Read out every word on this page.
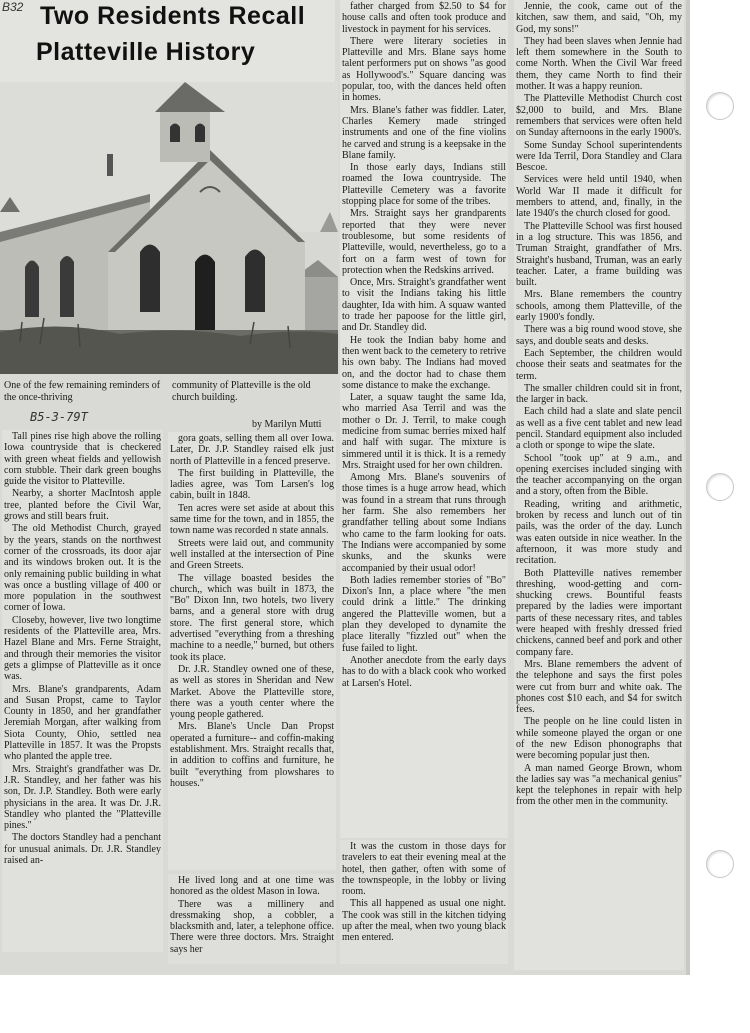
B32 Two Residents Recall
Platteville History
One of the few remaining reminders of the once-thriving
community of Platteville is the old church building.
B5-3-79T
by Marilyn Mutti

Tall pines rise high above the rolling Iowa countryside that is checkered with green wheat fields and yellowish corn stubble. Their dark green boughs guide the visitor to Platteville.

Nearby, a shorter MacIntosh apple tree, planted before the Civil War, grows and still bears fruit.

The old Methodist Church, grayed by the years, stands on the northwest corner of the crossroads, its door ajar and its windows broken out. It is the only remaining public building in what was once a bustling village of 400 or more population in the southwest corner of Iowa.

Closeby, however, live two longtime residents of the Platteville area, Mrs. Hazel Blane and Mrs. Ferne Straight, and through their memories the visitor gets a glimpse of Platteville as it once was.

Mrs. Blane's grandparents, Adam and Susan Propst, came to Taylor County in 1850, and her grandfather Jeremiah Morgan, after walking from Siota County, Ohio, settled nea Platteville in 1857. It was the Propsts who planted the apple tree.

Mrs. Straight's grandfather was Dr. J.R. Standley, and her father was his son, Dr. J.P. Standley. Both were early physicians in the area. It was Dr. J.R. Standley who planted the "Platteville pines."

The doctors Standley had a penchant for unusual animals. Dr. J.R. Standley raised an-

gora goats, selling them all over Iowa. Later, Dr. J.P. Standley raised elk just north of Platteville in a fenced preserve.

The first building in Platteville, the ladies agree, was Tom Larsen's log cabin, built in 1848.

Ten acres were set aside at about this same time for the town, and in 1855, the town name was recorded n state annals.

Streets were laid out, and community well installed at the intersection of Pine and Green Streets.

The village boasted besides the church,, which was built in 1873, the "Bo" Dixon Inn, two hotels, two livery barns, and a general store with drug store. The first general store, which advertised "everything from a threshing machine to a needle," burned, but others took its place.

Dr. J.R. Standley owned one of these, as well as stores in Sheridan and New Market. Above the Platteville store, there was a youth center where the young people gathered.

Mrs. Blane's Uncle Dan Propst operated a furniture-- and coffin-making establishment. Mrs. Straight recalls that, in addition to coffins and furniture, he built "everything from plowshares to houses."

He lived long and at one time was honored as the oldest Mason in Iowa.

There was a millinery and dressmaking shop, a cobbler, a blacksmith and, later, a telephone office. There were three doctors. Mrs. Straight says her

father charged from $2.50 to $4 for house calls and often took produce and livestock in payment for his services.

There were literary societies in Platteville and Mrs. Blane says home talent performers put on shows "as good as Hollywood's." Square dancing was popular, too, with the dances held often in homes.

Mrs. Blane's father was fiddler. Later, Charles Kemery made stringed instruments and one of the fine violins he carved and strung is a keepsake in the Blane family.

In those early days, Indians still roamed the Iowa countryside. The Platteville Cemetery was a favorite stopping place for some of the tribes.

Mrs. Straight says her grandparents reported that they were never troublesome, but some residents of Platteville, would, nevertheless, go to a fort on a farm west of town for protection when the Redskins arrived.

Once, Mrs. Straight's grandfather went to visit the Indians taking his little daughter, Ida with him. A squaw wanted to trade her papoose for the little girl, and Dr. Standley did.

He took the Indian baby home and then went back to the cemetery to retrive his own baby. The Indians had moved on, and the doctor had to chase them some distance to make the exchange.

Later, a squaw taught the same Ida, who married Asa Terril and was the mother o Dr. J. Terril, to make cough medicine from sumac berries mixed half and half with sugar. The mixture is simmered until it is thick. It is a remedy Mrs. Straight used for her own children.

Among Mrs. Blane's souvenirs of those times is a huge arrow head, which was found in a stream that runs through her farm. She also remembers her grandfather telling about some Indians who came to the farm looking for oats. The Indians were accompanied by some skunks, and the skunks were accompanied by their usual odor!

Both ladies remember stories of "Bo" Dixon's Inn, a place where "the men could drink a little." The drinking angered the Platteville women, but a plan they developed to dynamite the place literally "fizzled out" when the fuse failed to light.

Another anecdote from the early days has to do with a black cook who worked at Larsen's Hotel.

It was the custom in those days for travelers to eat their evening meal at the hotel, then gather, often with some of the townspeople, in the lobby or living room.

This all happened as usual one night. The cook was still in the kitchen tidying up after the meal, when two young black men entered.

Jennie, the cook, came out of the kitchen, saw them, and said, "Oh, my God, my sons!"

They had been slaves when Jennie had left them somewhere in the South to come North. When the Civil War freed them, they came North to find their mother. It was a happy reunion.

The Platteville Methodist Church cost $2,000 to build, and Mrs. Blane remembers that services were often held on Sunday afternoons in the early 1900's.

Some Sunday School superintendents were Ida Terril, Dora Standley and Clara Bescoe.

Services were held until 1940, when World War II made it difficult for members to attend, and, finally, in the late 1940's the church closed for good.

The Platteville School was first housed in a log structure. This was 1856, and Truman Straight, grandfather of Mrs. Straight's husband, Truman, was an early teacher. Later, a frame building was built.

Mrs. Blane remembers the country schools, among them Platteville, of the early 1900's fondly.

There was a big round wood stove, she says, and double seats and desks.

Each September, the children would choose their seats and seatmates for the term.

The smaller children could sit in front, the larger in back.

Each child had a slate and slate pencil as well as a five cent tablet and new lead pencil. Standard equipment also included a cloth or sponge to wipe the slate.

School "took up" at 9 a.m., and opening exercises included singing with the teacher accompanying on the organ and a story, often from the Bible.

Reading, writing and arithmetic, broken by recess and lunch out of tin pails, was the order of the day. Lunch was eaten outside in nice weather. In the afternoon, it was more study and recitation.

Both Platteville natives remember threshing, wood-getting and corn-shucking crews. Bountiful feasts prepared by the ladies were important parts of these necessary rites, and tables were heaped with freshly dressed fried chickens, canned beef and pork and other company fare.

Mrs. Blane remembers the advent of the telephone and says the first poles were cut from burr and white oak. The phones cost $10 each, and $4 for switch fees.

The people on he line could listen in while someone played the organ or one of the new Edison phonographs that were becoming popular just then.

A man named George Brown, whom the ladies say was "a mechanical genius" kept the telephones in repair with help from the other men in the community.
